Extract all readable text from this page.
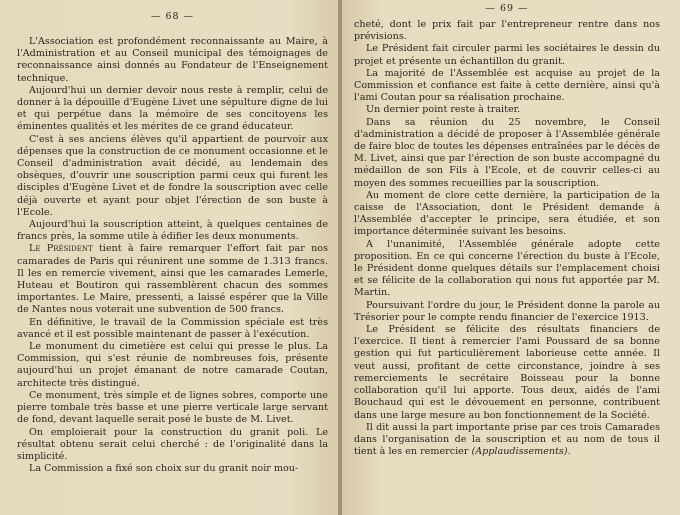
— 68 —

L'Association est profondément reconnaissante au Maire, à l'Administration et au Conseil municipal des témoignages de reconnaissance ainsi donnés au Fondateur de l'Enseignement technique.

Aujourd'hui un dernier devoir nous reste à remplir, celui de donner à la dépouille d'Eugène Livet une sépulture digne de lui et qui perpétue dans la mémoire de ses concitoyens les éminentes qualités et les mérites de ce grand éducateur.

C'est à ses anciens élèves qu'il appartient de pourvoir aux dépenses que la construction de ce monument occasionne et le Conseil d'administration avait décidé, au lendemain des obsèques, d'ouvrir une souscription parmi ceux qui furent les disciples d'Eugène Livet et de fondre la souscription avec celle déjà ouverte et ayant pour objet l'érection de son buste à l'Ecole.

Aujourd'hui la souscription atteint, à quelques centaines de francs près, la somme utile à édifier les deux monuments.

Le Président tient à faire remarquer l'effort fait par nos camarades de Paris qui réunirent une somme de 1.313 francs. Il les en remercie vivement, ainsi que les camarades Lemerle, Huteau et Boutiron qui rassemblèrent chacun des sommes importantes. Le Maire, pressenti, a laissé espérer que la Ville de Nantes nous voterait une subvention de 500 francs.

En définitive, le travail de la Commission spéciale est très avancé et il est possible maintenant de passer à l'exécution.

Le monument du cimetière est celui qui presse le plus. La Commission, qui s'est réunie de nombreuses fois, présente aujourd'hui un projet émanant de notre camarade Coutan, architecte très distingué.

Ce monument, très simple et de lignes sobres, comporte une pierre tombale très basse et une pierre verticale large servant de fond, devant laquelle serait posé le buste de M. Livet.

On emploierait pour la construction du granit poli. Le résultat obtenu serait celui cherché : de l'originalité dans la simplicité.

La Commission a fixé son choix sur du granit noir mou-

— 69 —

cheté, dont le prix fait par l'entrepreneur rentre dans nos prévisions.

Le Président fait circuler parmi les sociétaires le dessin du projet et présente un échantillon du granit.

La majorité de l'Assemblée est acquise au projet de la Commission et confiance est faite à cette dernière, ainsi qu'à l'ami Coutan pour sa réalisation prochaine.

Un dernier point reste à traiter.

Dans sa réunion du 25 novembre, le Conseil d'administration a décidé de proposer à l'Assemblée générale de faire bloc de toutes les dépenses entraînées par le décès de M. Livet, ainsi que par l'érection de son buste accompagné du médaillon de son Fils à l'Ecole, et de couvrir celles-ci au moyen des sommes recueillies par la souscription.

Au moment de clore cette dernière, la participation de la caisse de l'Association, dont le Président demande à l'Assemblée d'accepter le principe, sera étudiée, et son importance déterminée suivant les besoins.

A l'unanimité, l'Assemblée générale adopte cette proposition. En ce qui concerne l'érection du buste à l'Ecole, le Président donne quelques détails sur l'emplacement choisi et se félicite de la collaboration qui nous fut apportée par M. Martin.

Poursuivant l'ordre du jour, le Président donne la parole au Trésorier pour le compte rendu financier de l'exercice 1913.

Le Président se félicite des résultats financiers de l'exercice. Il tient à remercier l'ami Poussard de sa bonne gestion qui fut particulièrement laborieuse cette année. Il veut aussi, profitant de cette circonstance, joindre à ses remerciements le secrétaire Boisseau pour la bonne collaboration qu'il lui apporte. Tous deux, aidés de l'ami Bouchaud qui est le dévouement en personne, contribuent dans une large mesure au bon fonctionnement de la Société.

Il dit aussi la part importante prise par ces trois Camarades dans l'organisation de la souscription et au nom de tous il tient à les en remercier (Applaudissements).
